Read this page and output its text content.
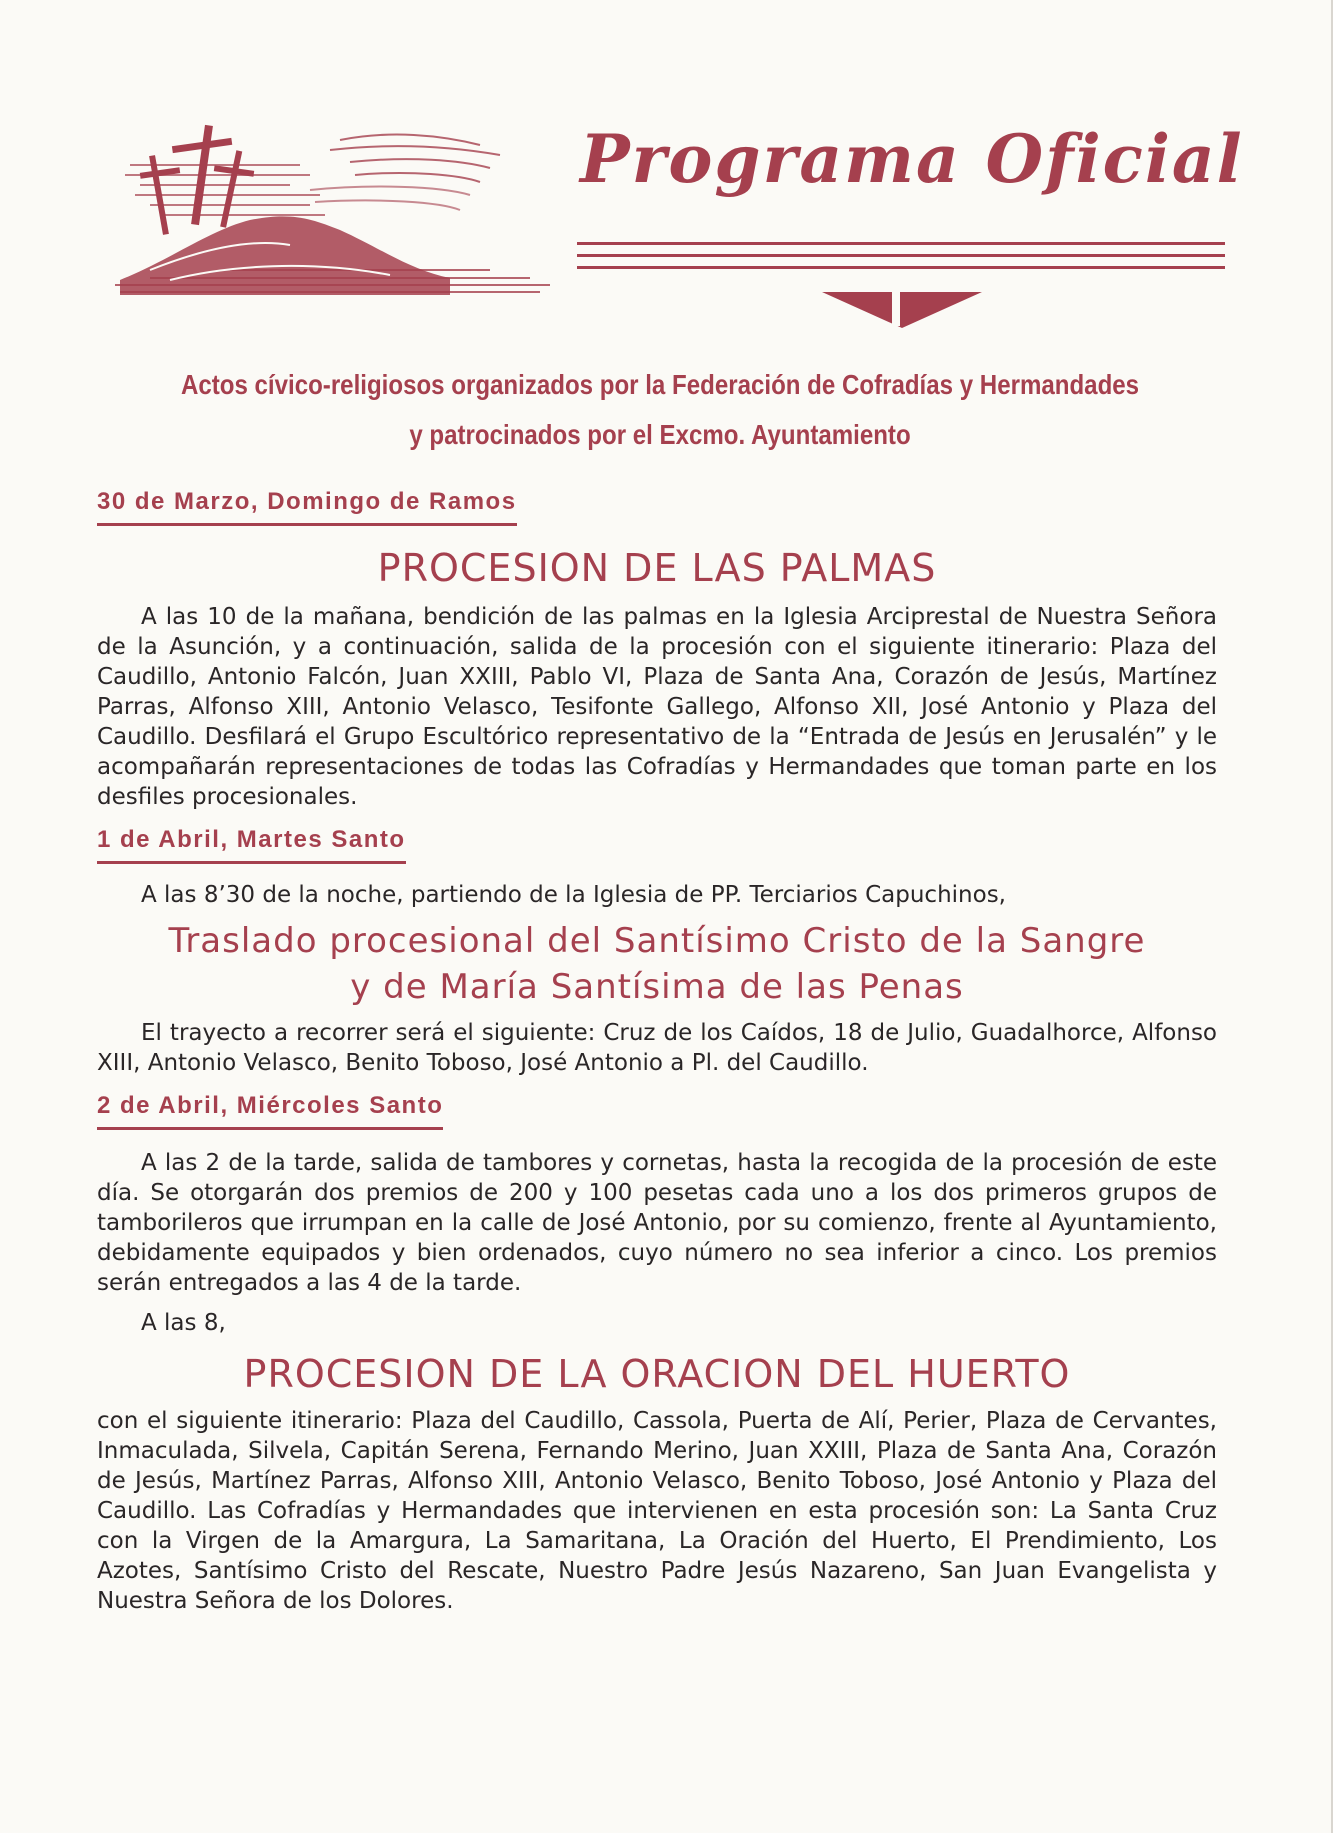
Programa Oficial
Actos cívico-religiosos organizados por la Federación de Cofradías y Hermandades
y patrocinados por el Excmo. Ayuntamiento
30 de Marzo, Domingo de Ramos
PROCESION DE LAS PALMAS

A las 10 de la mañana, bendición de las palmas en la Iglesia Arciprestal de Nuestra Señora de la Asunción, y a continuación, salida de la procesión con el siguiente itinerario: Plaza del Caudillo, Antonio Falcón, Juan XXIII, Pablo VI, Plaza de Santa Ana, Corazón de Jesús, Martínez Parras, Alfonso XIII, Antonio Velasco, Tesifonte Gallego, Alfonso XII, José Antonio y Plaza del Caudillo. Desfilará el Grupo Escultórico representativo de la “Entrada de Jesús en Jerusalén” y le acompañarán representaciones de todas las Cofradías y Hermandades que toman parte en los desfiles procesionales.

1 de Abril, Martes Santo

A las 8’30 de la noche, partiendo de la Iglesia de PP. Terciarios Capuchinos,

Traslado procesional del Santísimo Cristo de la Sangre
y de María Santísima de las Penas

El trayecto a recorrer será el siguiente: Cruz de los Caídos, 18 de Julio, Guadalhorce, Alfonso XIII, Antonio Velasco, Benito Toboso, José Antonio a Pl. del Caudillo.

2 de Abril, Miércoles Santo

A las 2 de la tarde, salida de tambores y cornetas, hasta la recogida de la procesión de este día. Se otorgarán dos premios de 200 y 100 pesetas cada uno a los dos primeros grupos de tamborileros que irrumpan en la calle de José Antonio, por su comienzo, frente al Ayuntamiento, debidamente equipados y bien ordenados, cuyo número no sea inferior a cinco. Los premios serán entregados a las 4 de la tarde.

A las 8,

PROCESION DE LA ORACION DEL HUERTO

con el siguiente itinerario: Plaza del Caudillo, Cassola, Puerta de Alí, Perier, Plaza de Cervantes, Inmaculada, Silvela, Capitán Serena, Fernando Merino, Juan XXIII, Plaza de Santa Ana, Corazón de Jesús, Martínez Parras, Alfonso XIII, Antonio Velasco, Benito Toboso, José Antonio y Plaza del Caudillo. Las Cofradías y Hermandades que intervienen en esta procesión son: La Santa Cruz con la Virgen de la Amargura, La Samaritana, La Oración del Huerto, El Prendimiento, Los Azotes, Santísimo Cristo del Rescate, Nuestro Padre Jesús Nazareno, San Juan Evangelista y Nuestra Señora de los Dolores.
